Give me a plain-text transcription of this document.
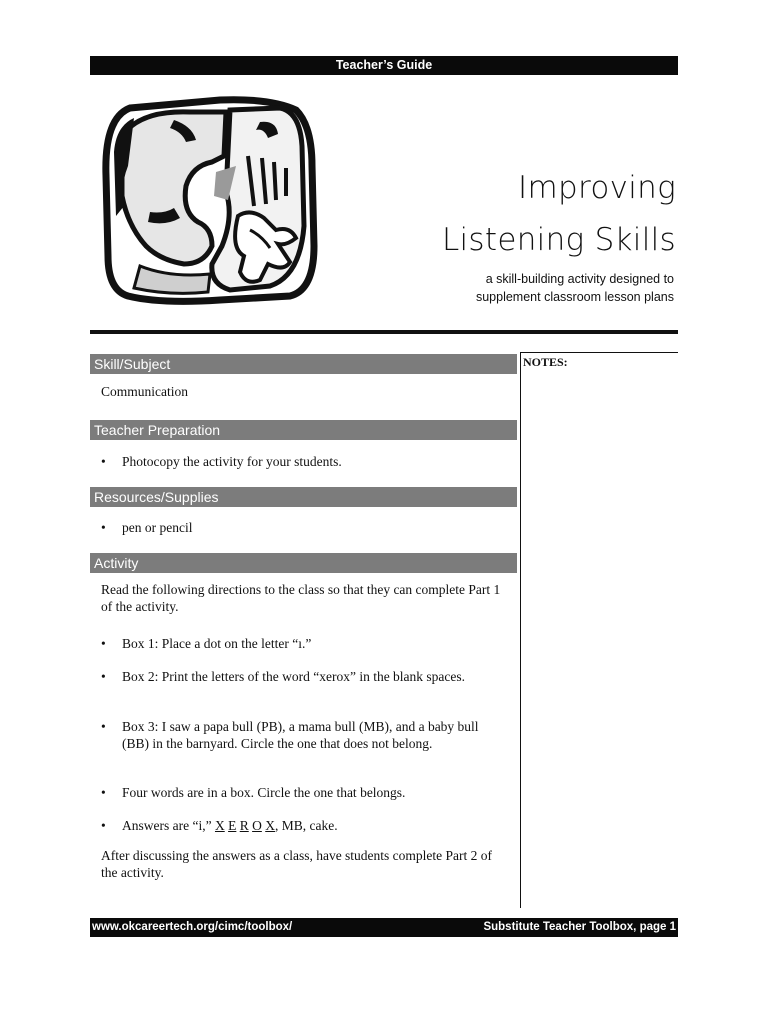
Teacher’s Guide
Improving
Listening Skills
a skill-building activity designed to
supplement classroom lesson plans
NOTES:
Skill/Subject
Communication
Teacher Preparation
• Photocopy the activity for your students.
Resources/Supplies
• pen or pencil
Activity
Read the following directions to the class so that they can complete Part 1 of the activity.
• Box 1: Place a dot on the letter “ı.”
• Box 2: Print the letters of the word “xerox” in the blank spaces.
• Box 3: I saw a papa bull (PB), a mama bull (MB), and a baby bull (BB) in the barnyard. Circle the one that does not belong.
• Four words are in a box. Circle the one that belongs.
• Answers are “i,” X E R O X, MB, cake.
After discussing the answers as a class, have students complete Part 2 of the activity.
www.okcareertech.org/cimc/toolbox/	Substitute Teacher Toolbox, page 1
